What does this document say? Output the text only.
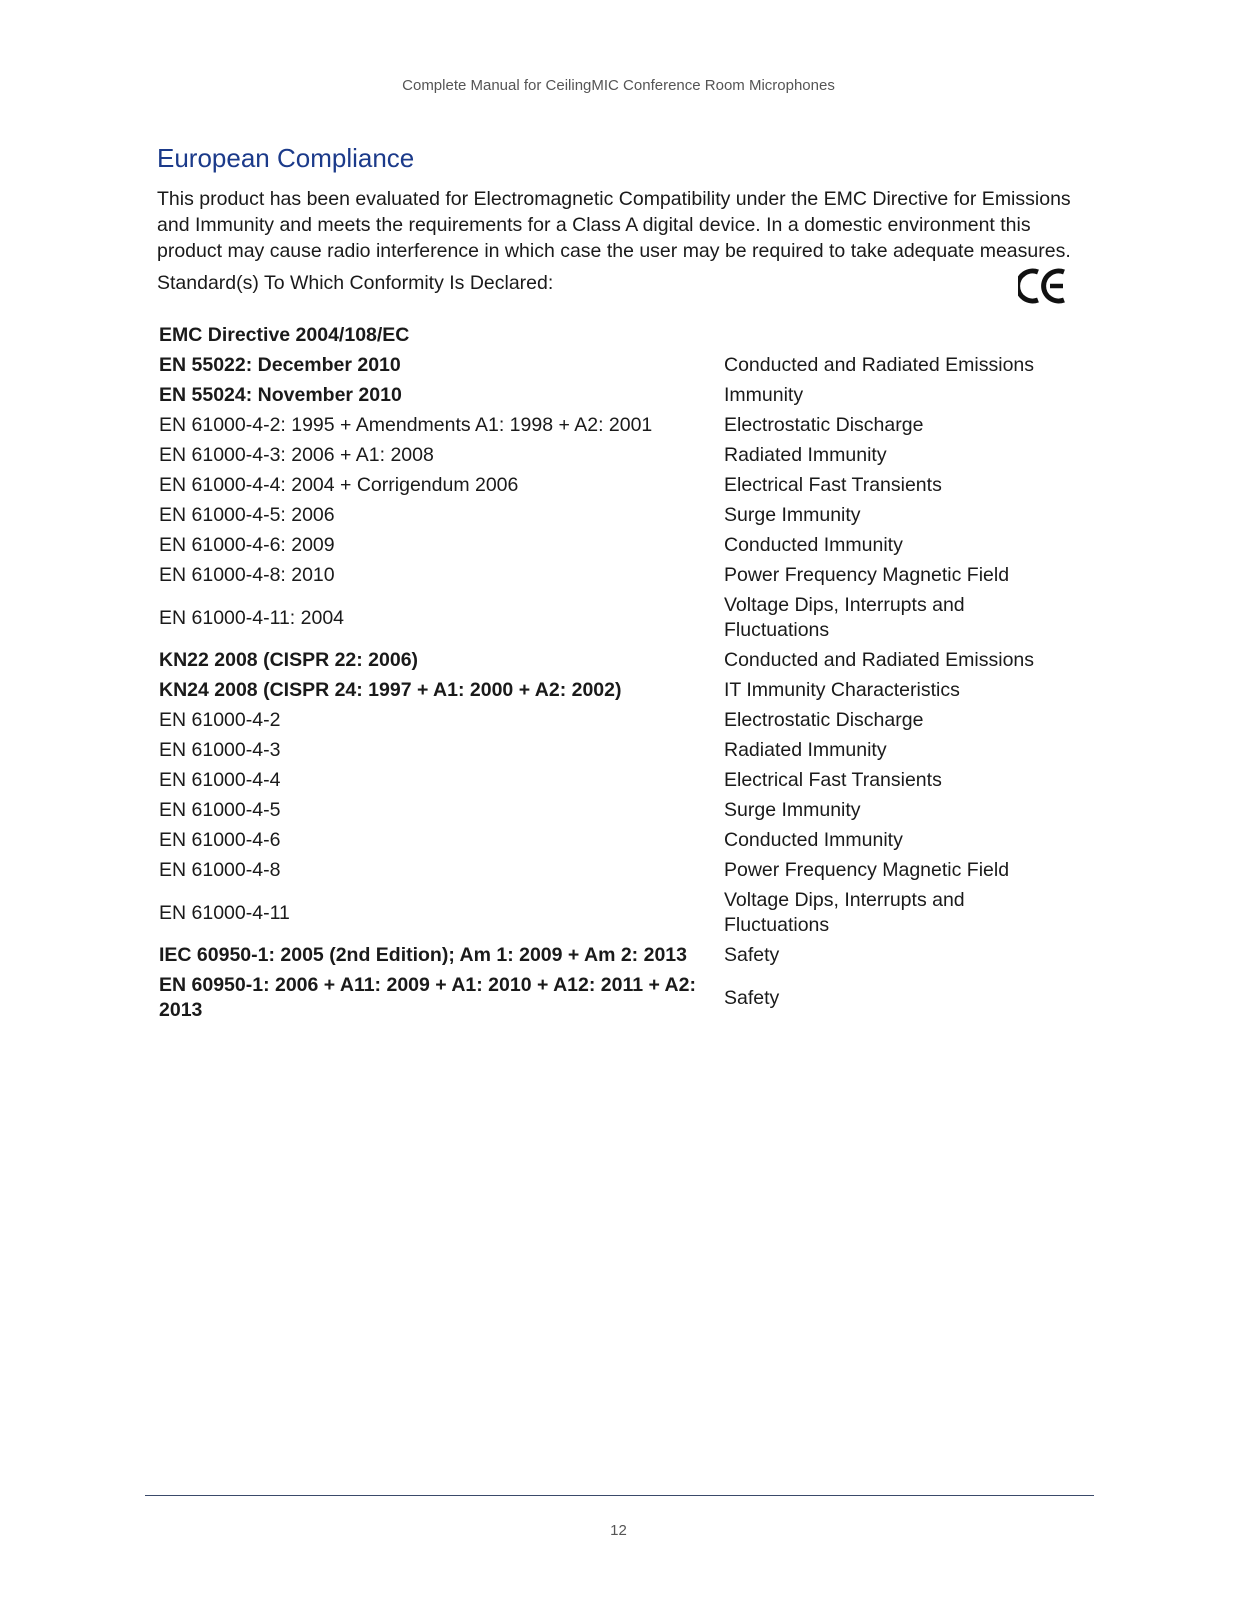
Complete Manual for CeilingMIC Conference Room Microphones
European Compliance

This product has been evaluated for Electromagnetic Compatibility under the EMC Directive for Emissions and Immunity and meets the requirements for a Class A digital device. In a domestic environment this product may cause radio interference in which case the user may be required to take adequate measures.

Standard(s) To Which Conformity Is Declared:

EMC Directive 2004/108/EC	
EN 55022: December 2010	Conducted and Radiated Emissions
EN 55024: November 2010	Immunity
EN 61000-4-2: 1995 + Amendments A1: 1998 + A2: 2001	Electrostatic Discharge
EN 61000-4-3: 2006 + A1: 2008	Radiated Immunity
EN 61000-4-4: 2004 + Corrigendum 2006	Electrical Fast Transients
EN 61000-4-5: 2006	Surge Immunity
EN 61000-4-6: 2009	Conducted Immunity
EN 61000-4-8: 2010	Power Frequency Magnetic Field
EN 61000-4-11: 2004	Voltage Dips, Interrupts and Fluctuations
KN22 2008 (CISPR 22: 2006)	Conducted and Radiated Emissions
KN24 2008 (CISPR 24: 1997 + A1: 2000 + A2: 2002)	IT Immunity Characteristics
EN 61000-4-2	Electrostatic Discharge
EN 61000-4-3	Radiated Immunity
EN 61000-4-4	Electrical Fast Transients
EN 61000-4-5	Surge Immunity
EN 61000-4-6	Conducted Immunity
EN 61000-4-8	Power Frequency Magnetic Field
EN 61000-4-11	Voltage Dips, Interrupts and Fluctuations
IEC 60950-1: 2005 (2nd Edition); Am 1: 2009 + Am 2: 2013	Safety
EN 60950-1: 2006 + A11: 2009 + A1: 2010 + A12: 2011 + A2: 2013	Safety
12
